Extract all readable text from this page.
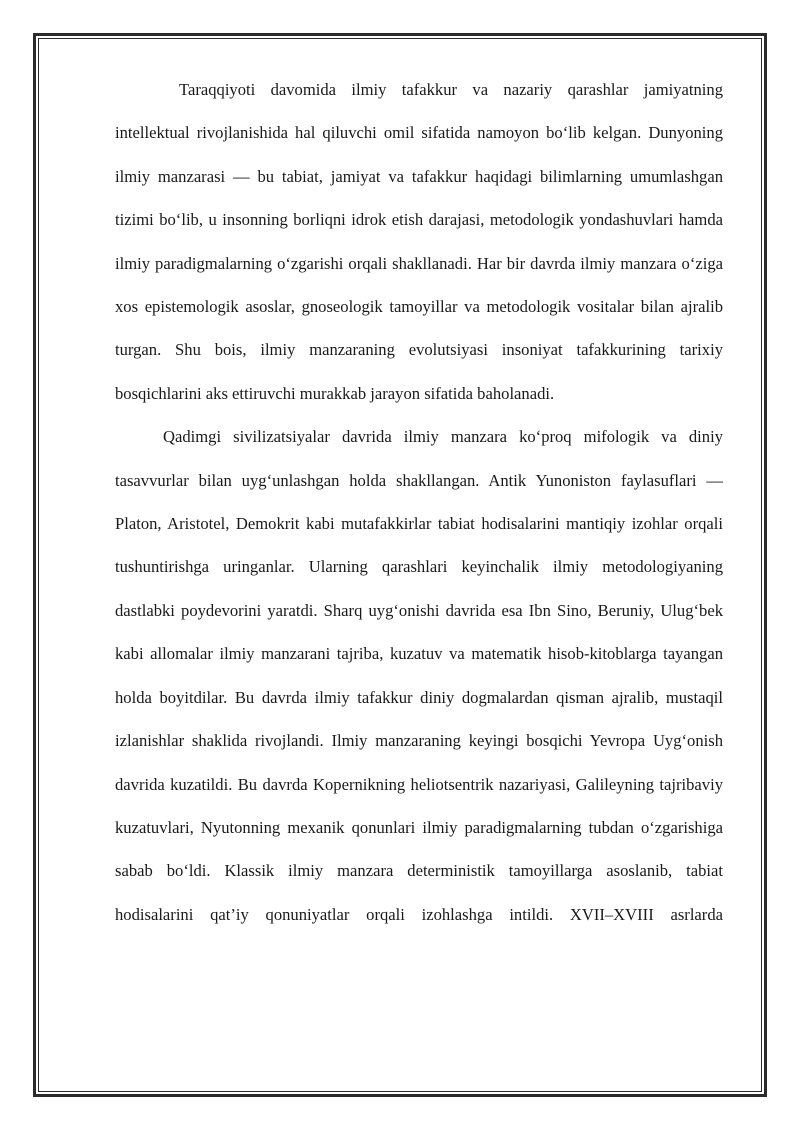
Taraqqiyoti davomida ilmiy tafakkur va nazariy qarashlar jamiyatning intellektual rivojlanishida hal qiluvchi omil sifatida namoyon bo‘lib kelgan. Dunyoning ilmiy manzarasi — bu tabiat, jamiyat va tafakkur haqidagi bilimlarning umumlashgan tizimi bo‘lib, u insonning borliqni idrok etish darajasi, metodologik yondashuvlari hamda ilmiy paradigmalarning o‘zgarishi orqali shakllanadi. Har bir davrda ilmiy manzara o‘ziga xos epistemologik asoslar, gnoseologik tamoyillar va metodologik vositalar bilan ajralib turgan. Shu bois, ilmiy manzaraning evolutsiyasi insoniyat tafakkurining tarixiy bosqichlarini aks ettiruvchi murakkab jarayon sifatida baholanadi.

Qadimgi sivilizatsiyalar davrida ilmiy manzara ko‘proq mifologik va diniy tasavvurlar bilan uyg‘unlashgan holda shakllangan. Antik Yunoniston faylasuflari — Platon, Aristotel, Demokrit kabi mutafakkirlar tabiat hodisalarini mantiqiy izohlar orqali tushuntirishga uringanlar. Ularning qarashlari keyinchalik ilmiy metodologiyaning dastlabki poydevorini yaratdi. Sharq uyg‘onishi davrida esa Ibn Sino, Beruniy, Ulug‘bek kabi allomalar ilmiy manzarani tajriba, kuzatuv va matematik hisob-kitoblarga tayangan holda boyitdilar. Bu davrda ilmiy tafakkur diniy dogmalardan qisman ajralib, mustaqil izlanishlar shaklida rivojlandi. Ilmiy manzaraning keyingi bosqichi Yevropa Uyg‘onish davrida kuzatildi. Bu davrda Kopernikning heliotsentrik nazariyasi, Galileyning tajribaviy kuzatuvlari, Nyutonning mexanik qonunlari ilmiy paradigmalarning tubdan o‘zgarishiga sabab bo‘ldi. Klassik ilmiy manzara deterministik tamoyillarga asoslanib, tabiat hodisalarini qat’iy qonuniyatlar orqali izohlashga intildi. XVII–XVIII asrlarda
